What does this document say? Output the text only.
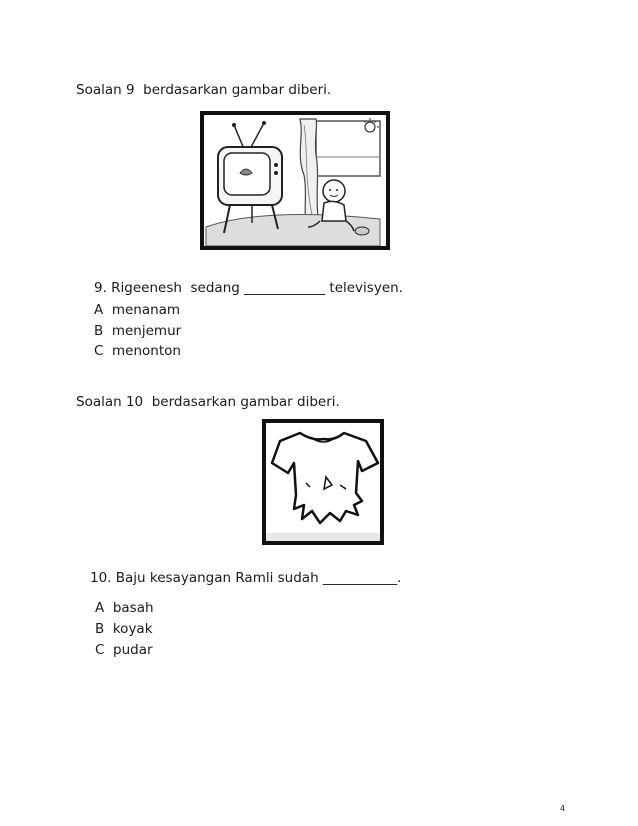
Soalan 9  berdasarkan gambar diberi.
9. Rigeenesh  sedang ____________ televisyen.
A  menanam
B  menjemur
C  menonton
Soalan 10  berdasarkan gambar diberi.
10. Baju kesayangan Ramli sudah ___________.
A  basah
B  koyak
C  pudar
4
